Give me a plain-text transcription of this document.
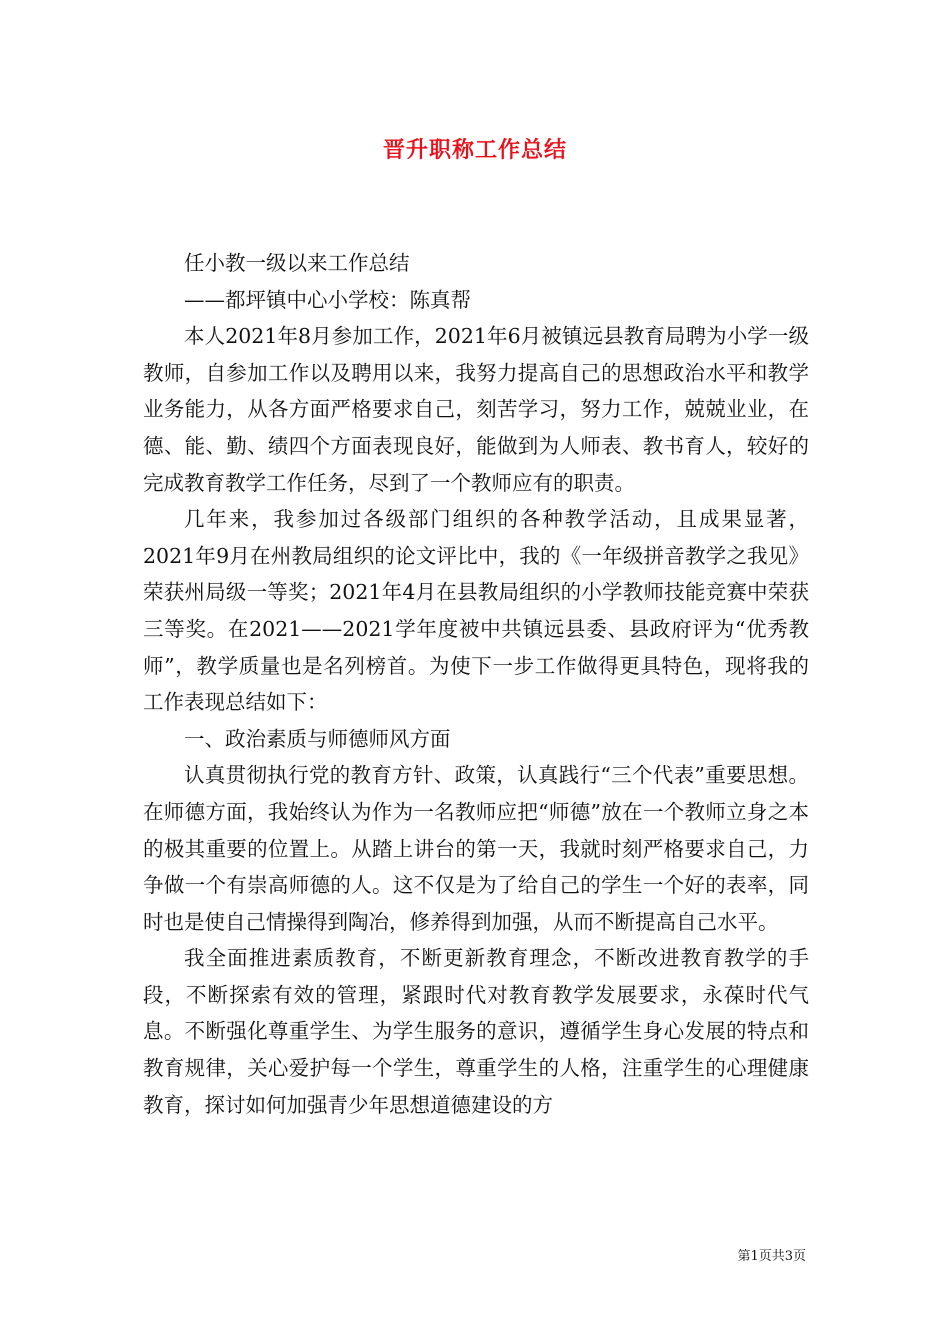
晋升职称工作总结

任小教一级以来工作总结

——都坪镇中心小学校：陈真帮

本人2021年8月参加工作，2021年6月被镇远县教育局聘为小学一级教师，自参加工作以及聘用以来，我努力提高自己的思想政治水平和教学业务能力，从各方面严格要求自己，刻苦学习，努力工作，兢兢业业，在德、能、勤、绩四个方面表现良好，能做到为人师表、教书育人，较好的完成教育教学工作任务，尽到了一个教师应有的职责。

几年来，我参加过各级部门组织的各种教学活动，且成果显著，2021年9月在州教局组织的论文评比中，我的《一年级拼音教学之我见》荣获州局级一等奖；2021年4月在县教局组织的小学教师技能竞赛中荣获三等奖。在2021——2021学年度被中共镇远县委、县政府评为“优秀教师”，教学质量也是名列榜首。为使下一步工作做得更具特色，现将我的工作表现总结如下：

一、政治素质与师德师风方面

认真贯彻执行党的教育方针、政策，认真践行“三个代表”重要思想。在师德方面，我始终认为作为一名教师应把“师德”放在一个教师立身之本的极其重要的位置上。从踏上讲台的第一天，我就时刻严格要求自己，力争做一个有崇高师德的人。这不仅是为了给自己的学生一个好的表率，同时也是使自己情操得到陶冶，修养得到加强，从而不断提高自己水平。

我全面推进素质教育，不断更新教育理念，不断改进教育教学的手段，不断探索有效的管理，紧跟时代对教育教学发展要求，永葆时代气息。不断强化尊重学生、为学生服务的意识，遵循学生身心发展的特点和教育规律，关心爱护每一个学生，尊重学生的人格，注重学生的心理健康教育，探讨如何加强青少年思想道德建设的方

第1页共3页
